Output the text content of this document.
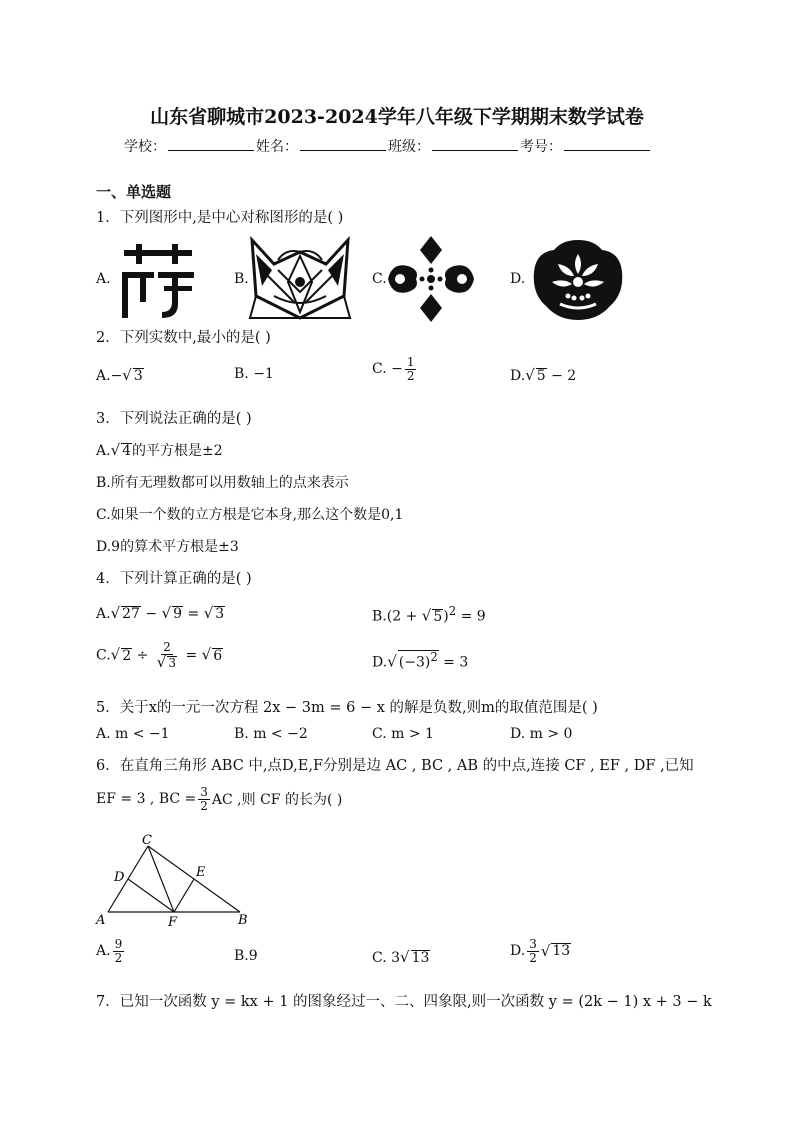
山东省聊城市2023-2024学年八年级下学期期末数学试卷
学校：	姓名：	班级：	考号：
一、单选题
1．下列图形中,是中心对称图形的是( )
A.	B.	C.	D.
2．下列实数中,最小的是( )
A.−√ 3	B. −1	C. − $\frac{1}{2}$	D.√ 5 − 2
3．下列说法正确的是( )
A.√ 4的平方根是±2
B.所有无理数都可以用数轴上的点来表示
C.如果一个数的立方根是它本身,那么这个数是0,1
D.9的算术平方根是±3
4．下列计算正确的是( )
A.√ 27 − √ 9 = √ 3	B.(2 + √ 5)$^2$ = 9
C.√ $2 \div \frac{2}{√ 3}$ = √ 6	D.√ $(-3)^2 = 3$
5．关于x的一元一次方程 2x − 3m = 6 − x 的解是负数,则m的取值范围是( )
A. m < −1	B. m < −2	C. m > 1	D. m > 0
6．在直角三角形 ABC 中,点D,E,F分别是边 AC , BC , AB 的中点,连接 CF , EF , DF ,已知
EF = 3 , BC = $\frac{3}{2}$ AC ,则 CF 的长为( )
C
D	E
A	F	B
A. $\frac{9}{2}$	B.9	C. 3√ 13	D. $\frac{3}{2}$ √ 13
7．已知一次函数 y = kx + 1 的图象经过一、二、四象限,则一次函数 y = (2k − 1) x + 3 − k
